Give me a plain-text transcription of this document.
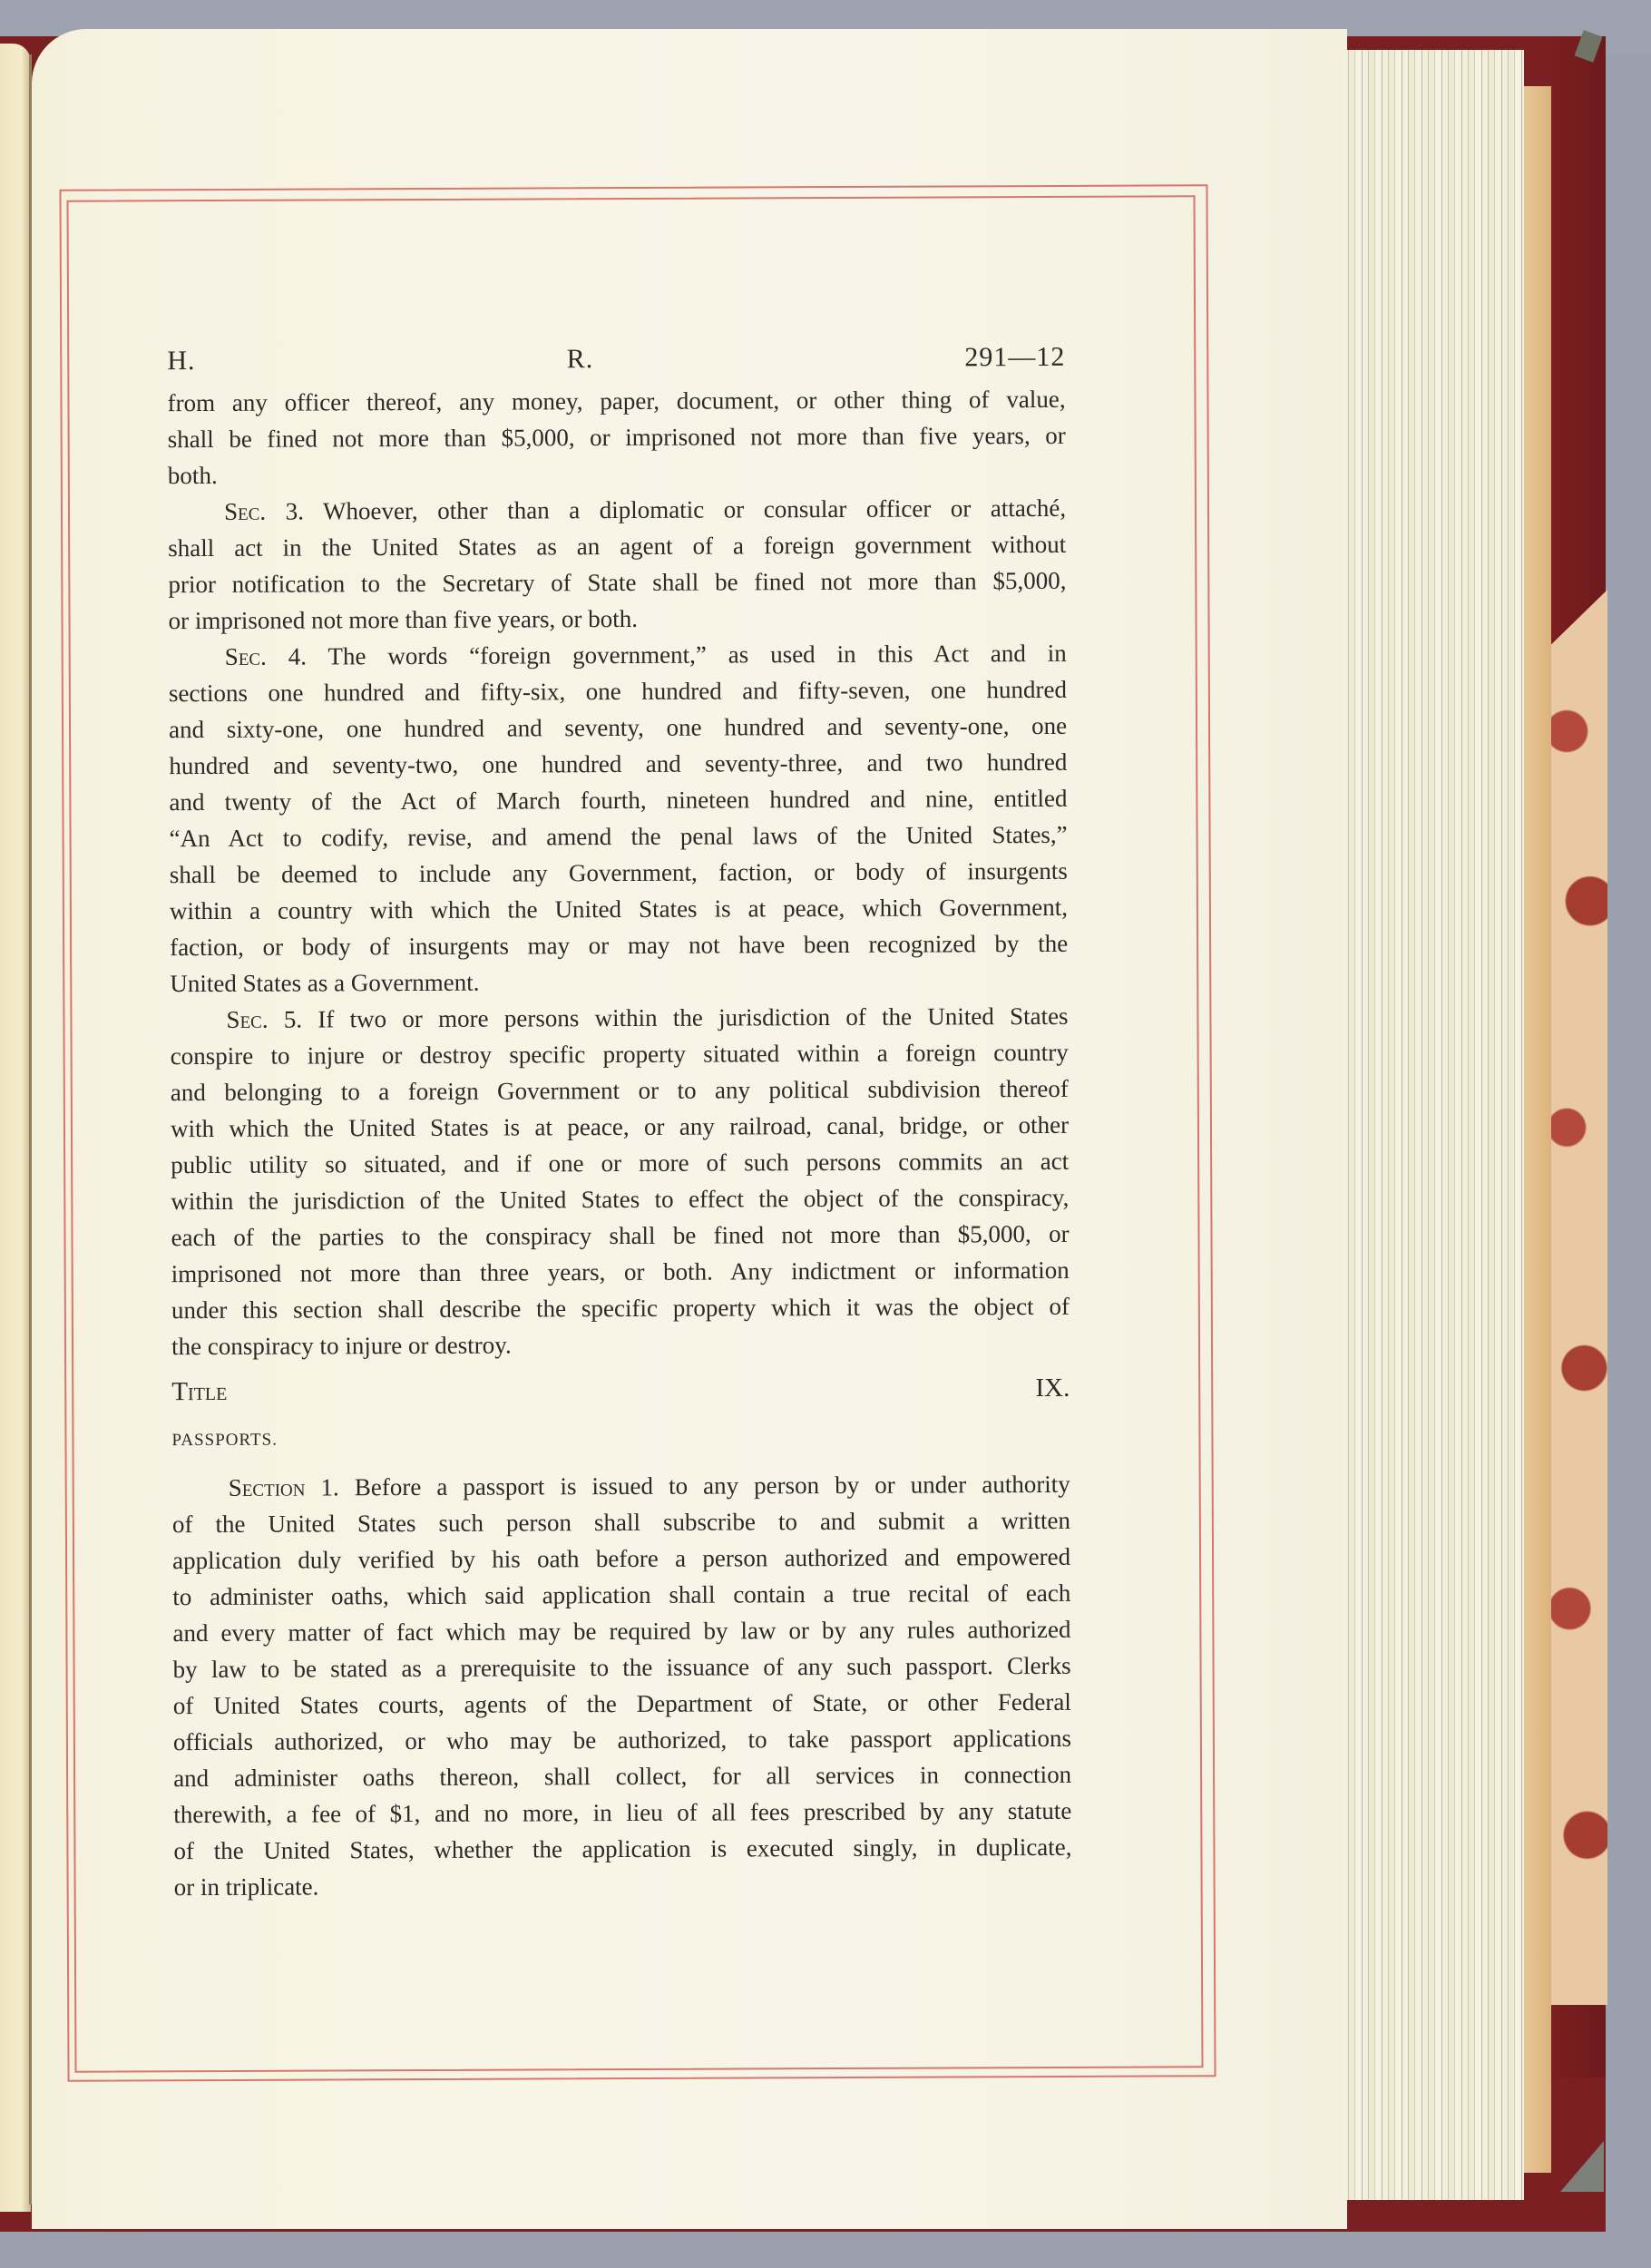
H. R. 291—12
from any officer thereof, any money, paper, document, or other thing of value,
shall be fined not more than $5,000, or imprisoned not more than five years, or
both.
Sec. 3. Whoever, other than a diplomatic or consular officer or attaché,
shall act in the United States as an agent of a foreign government without
prior notification to the Secretary of State shall be fined not more than $5,000,
or imprisoned not more than five years, or both.
Sec. 4. The words “foreign government,” as used in this Act and in
sections one hundred and fifty-six, one hundred and fifty-seven, one hundred
and sixty-one, one hundred and seventy, one hundred and seventy-one, one
hundred and seventy-two, one hundred and seventy-three, and two hundred
and twenty of the Act of March fourth, nineteen hundred and nine, entitled
“An Act to codify, revise, and amend the penal laws of the United States,”
shall be deemed to include any Government, faction, or body of insurgents
within a country with which the United States is at peace, which Government,
faction, or body of insurgents may or may not have been recognized by the
United States as a Government.
Sec. 5. If two or more persons within the jurisdiction of the United States
conspire to injure or destroy specific property situated within a foreign country
and belonging to a foreign Government or to any political subdivision thereof
with which the United States is at peace, or any railroad, canal, bridge, or other
public utility so situated, and if one or more of such persons commits an act
within the jurisdiction of the United States to effect the object of the conspiracy,
each of the parties to the conspiracy shall be fined not more than $5,000, or
imprisoned not more than three years, or both. Any indictment or information
under this section shall describe the specific property which it was the object of
the conspiracy to injure or destroy.
Title IX.
PASSPORTS.
Section 1. Before a passport is issued to any person by or under authority
of the United States such person shall subscribe to and submit a written
application duly verified by his oath before a person authorized and empowered
to administer oaths, which said application shall contain a true recital of each
and every matter of fact which may be required by law or by any rules authorized
by law to be stated as a prerequisite to the issuance of any such passport. Clerks
of United States courts, agents of the Department of State, or other Federal
officials authorized, or who may be authorized, to take passport applications
and administer oaths thereon, shall collect, for all services in connection
therewith, a fee of $1, and no more, in lieu of all fees prescribed by any statute
of the United States, whether the application is executed singly, in duplicate,
or in triplicate.
